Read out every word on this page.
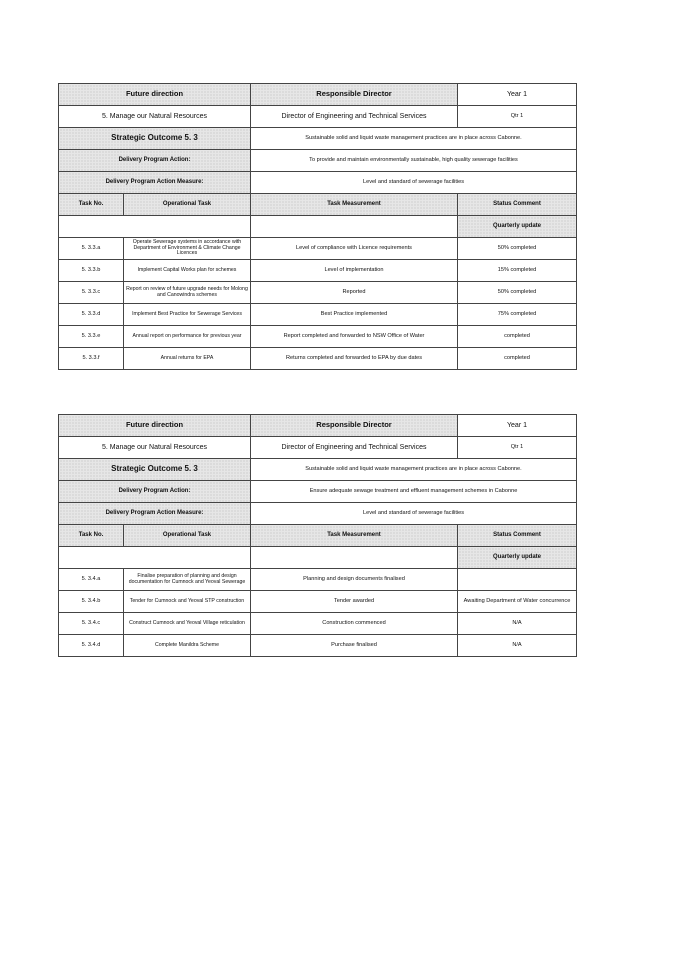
Future direction		Responsible Director	Year 1
5. Manage our Natural Resources		Director of Engineering and Technical Services	Qtr 1
Strategic Outcome 5. 3		Sustainable solid and liquid waste management practices are in place across Cabonne.	
Delivery Program Action:		To provide and maintain environmentally sustainable, high quality sewerage facilities	
Delivery Program Action Measure:		Level and standard of sewerage facilities	
Task No.	Operational Task	Task Measurement	Status Comment
			Quarterly update
5. 3.3.a	Operate Sewerage systems in accordance with Department of Environment & Climate Change Licences	Level of compliance with Licence requirements	50% completed
5. 3.3.b	Implement Capital Works plan for schemes	Level of implementation	15% completed
5. 3.3.c	Report on review of future upgrade needs for Molong and Canowindra schemes	Reported	50% completed
5. 3.3.d	Implement Best Practice for Sewerage Services	Best Practice implemented	75% completed
5. 3.3.e	Annual report on performance for previous year	Report completed and forwarded to NSW Office of Water	completed
5. 3.3.f	Annual returns for EPA	Returns completed and forwarded to EPA by due dates	completed
Future direction		Responsible Director	Year 1
5. Manage our Natural Resources		Director of Engineering and Technical Services	Qtr 1
Strategic Outcome 5. 3		Sustainable solid and liquid waste management practices are in place across Cabonne.	
Delivery Program Action:		Ensure adequate sewage treatment and effluent management schemes in Cabonne	
Delivery Program Action Measure:		Level and standard of sewerage facilities	
Task No.	Operational Task	Task Measurement	Status Comment
			Quarterly update
5. 3.4.a	Finalise preparation of planning and design documentation for Cumnock and Yeoval Sewerage	Planning and design documents finalised	
5. 3.4.b	Tender for Cumnock and Yeoval STP construction	Tender awarded	Awaiting Department of Water concurrence
5. 3.4.c	Construct Cumnock and Yeoval Village reticulation	Construction commenced	N/A
5. 3.4.d	Complete Manildra Scheme	Purchase finalised	N/A
